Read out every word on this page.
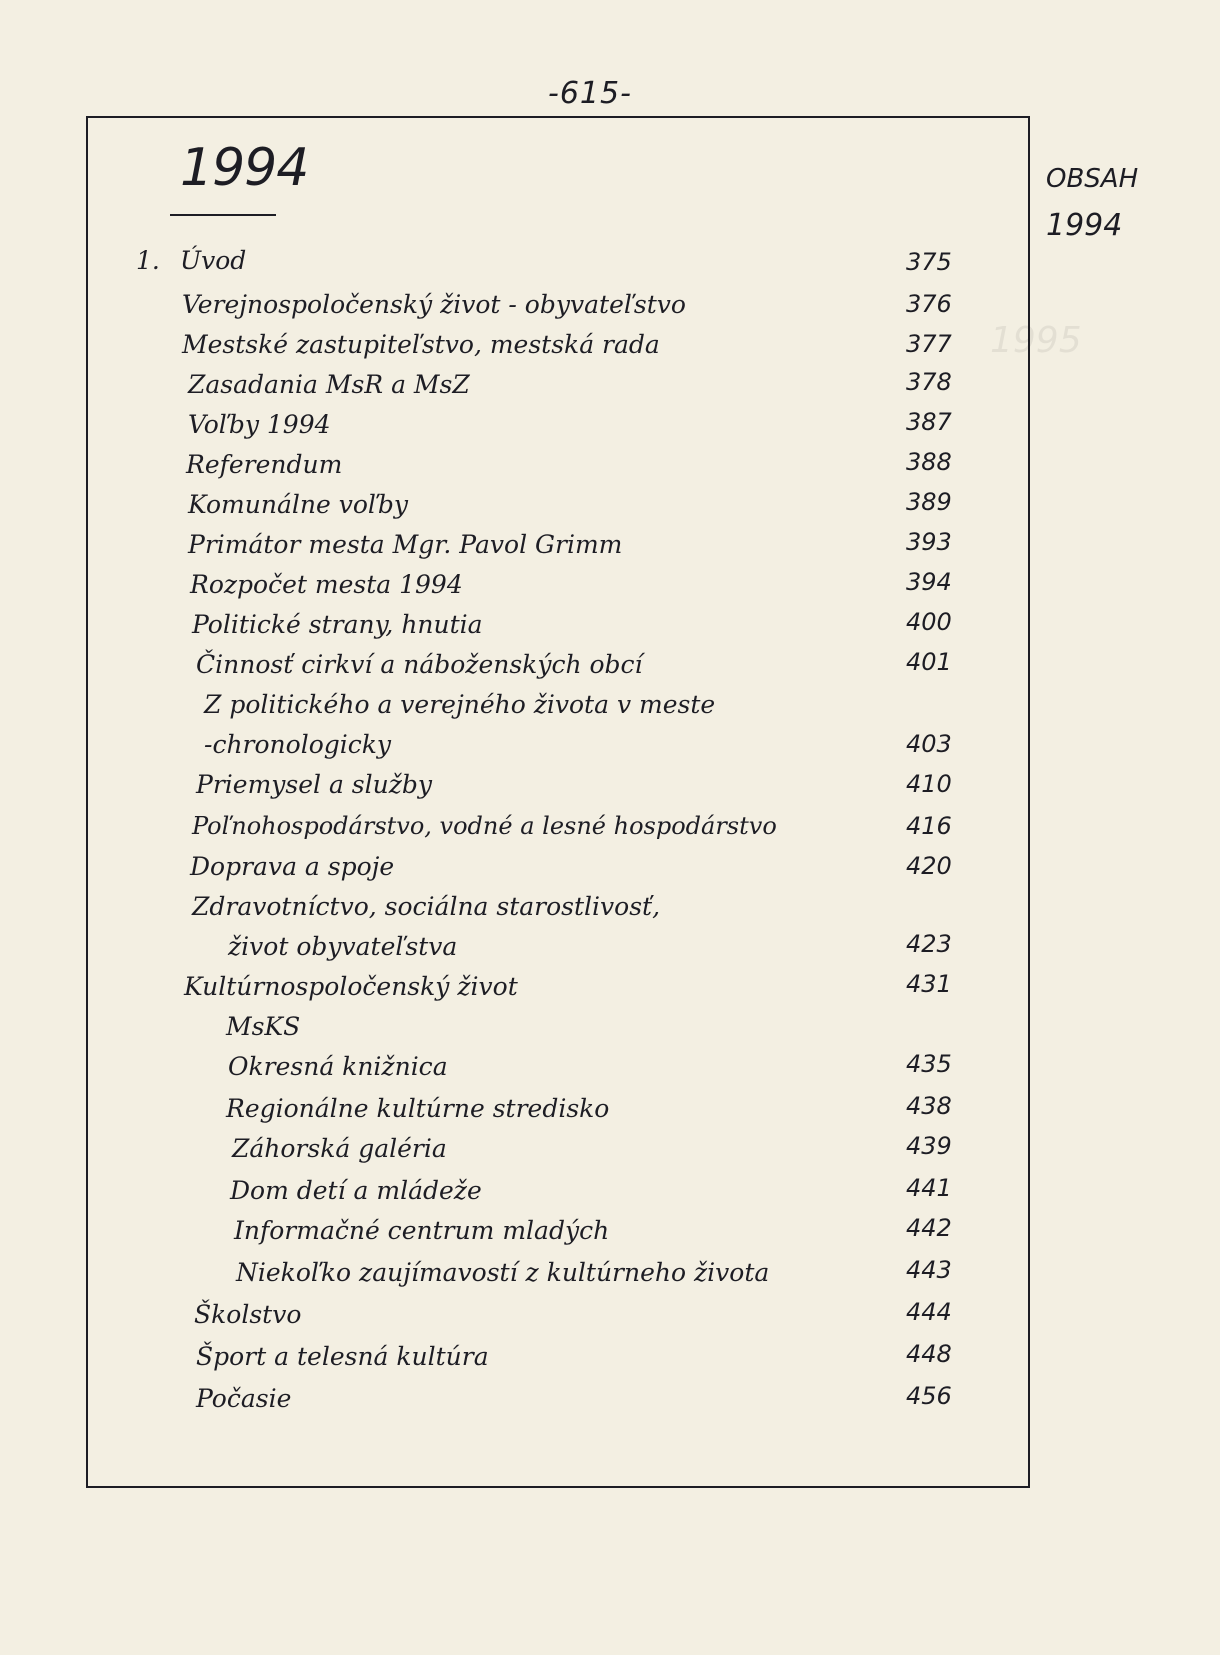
-615-
1995
1994	OBSAH
1994
1. Úvod	375
Verejnospoločenský život - obyvateľstvo	376
Mestské zastupiteľstvo, mestská rada	377
Zasadania MsR a MsZ	378
Voľby 1994	387
Referendum	388
Komunálne voľby	389
Primátor mesta Mgr. Pavol Grimm	393
Rozpočet mesta 1994	394
Politické strany, hnutia	400
Činnosť cirkví a náboženských obcí	401
Z politického a verejného života v meste
-chronologicky	403
Priemysel a služby	410
Poľnohospodárstvo, vodné a lesné hospodárstvo	416
Doprava a spoje	420
Zdravotníctvo, sociálna starostlivosť,
život obyvateľstva	423
Kultúrnospoločenský život	431
MsKS
Okresná knižnica	435
Regionálne kultúrne stredisko	438
Záhorská galéria	439
Dom detí a mládeže	441
Informačné centrum mladých	442
Niekoľko zaujímavostí z kultúrneho života	443
Školstvo	444
Šport a telesná kultúra	448
Počasie	456
